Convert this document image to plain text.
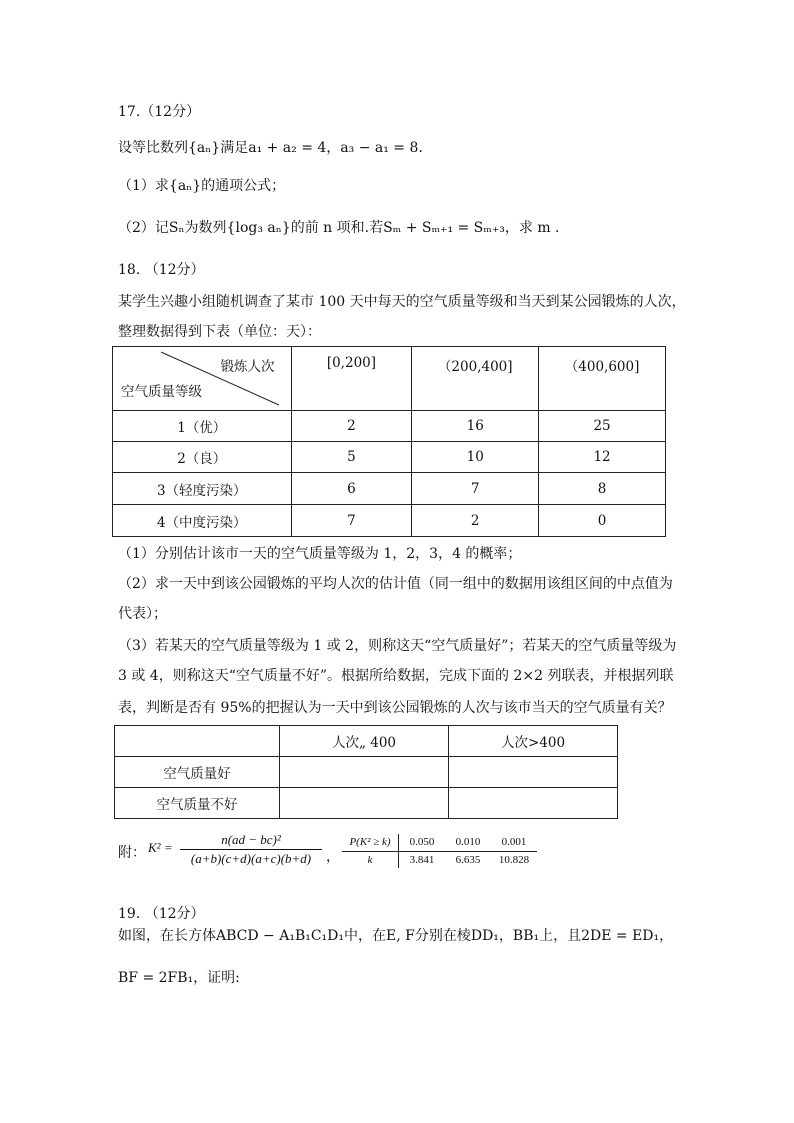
17.（12分）
设等比数列{aₙ}满足a₁ + a₂ = 4，a₃ − a₁ = 8.
（1）求{aₙ}的通项公式；
（2）记Sₙ为数列{log₃ aₙ}的前 n 项和.若Sₘ + Sₘ₊₁ = Sₘ₊₃，求 m .
18. （12分）
某学生兴趣小组随机调查了某市 100 天中每天的空气质量等级和当天到某公园锻炼的人次，
整理数据得到下表（单位：天）：
锻炼人次
空气质量等级	[0,200]	（200,400]	（400,600]
1（优）	2	16	25
2（良）	5	10	12
3（轻度污染）	6	7	8
4（中度污染）	7	2	0
（1）分别估计该市一天的空气质量等级为 1，2，3，4 的概率；
（2）求一天中到该公园锻炼的平均人次的估计值（同一组中的数据用该组区间的中点值为
代表）；
（3）若某天的空气质量等级为 1 或 2，则称这天“空气质量好”；若某天的空气质量等级为
3 或 4，则称这天“空气质量不好”。根据所给数据，完成下面的 2×2 列联表，并根据列联
表，判断是否有 95%的把握认为一天中到该公园锻炼的人次与该市当天的空气质量有关？
	人次„ 400	人次>400
空气质量好		
空气质量不好		
附： $K^2 = \frac{\text{n(ad − bc)²}}{(a+b)(c+d)(a+c)(b+d)}$ ，
P(K² ≥ k)	0.050	0.010	0.001
k	3.841	6.635	10.828
19. （12分）
如图，在长方体ABCD − A₁B₁C₁D₁中，在E, F分别在棱DD₁，BB₁上，且2DE = ED₁，
BF = 2FB₁，证明:
